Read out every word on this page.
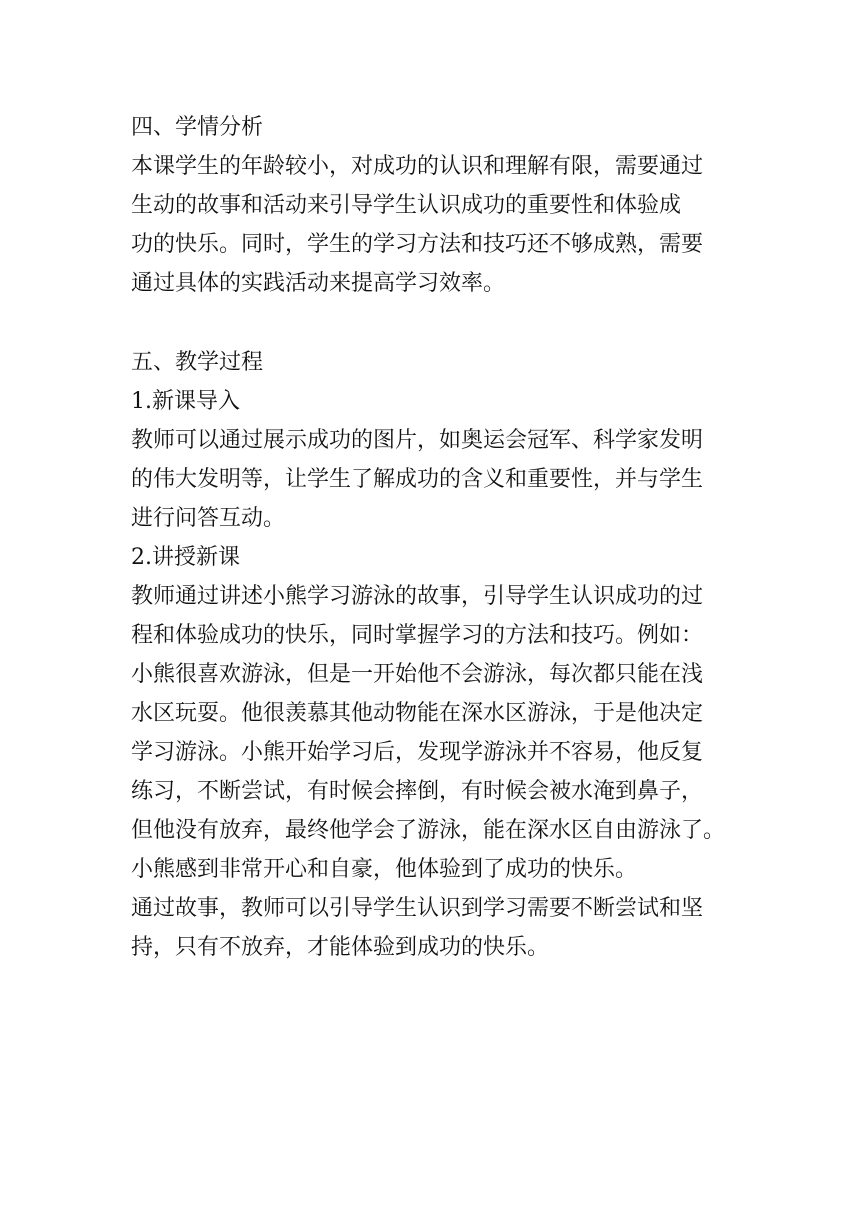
四、学情分析

本课学生的年龄较小，对成功的认识和理解有限，需要通过

生动的故事和活动来引导学生认识成功的重要性和体验成

功的快乐。同时，学生的学习方法和技巧还不够成熟，需要

通过具体的实践活动来提高学习效率。

五、教学过程

1.新课导入

教师可以通过展示成功的图片，如奥运会冠军、科学家发明

的伟大发明等，让学生了解成功的含义和重要性，并与学生

进行问答互动。

2.讲授新课

教师通过讲述小熊学习游泳的故事，引导学生认识成功的过

程和体验成功的快乐，同时掌握学习的方法和技巧。例如：

小熊很喜欢游泳，但是一开始他不会游泳，每次都只能在浅

水区玩耍。他很羡慕其他动物能在深水区游泳，于是他决定

学习游泳。小熊开始学习后，发现学游泳并不容易，他反复

练习，不断尝试，有时候会摔倒，有时候会被水淹到鼻子，

但他没有放弃，最终他学会了游泳，能在深水区自由游泳了。

小熊感到非常开心和自豪，他体验到了成功的快乐。

通过故事，教师可以引导学生认识到学习需要不断尝试和坚

持，只有不放弃，才能体验到成功的快乐。
